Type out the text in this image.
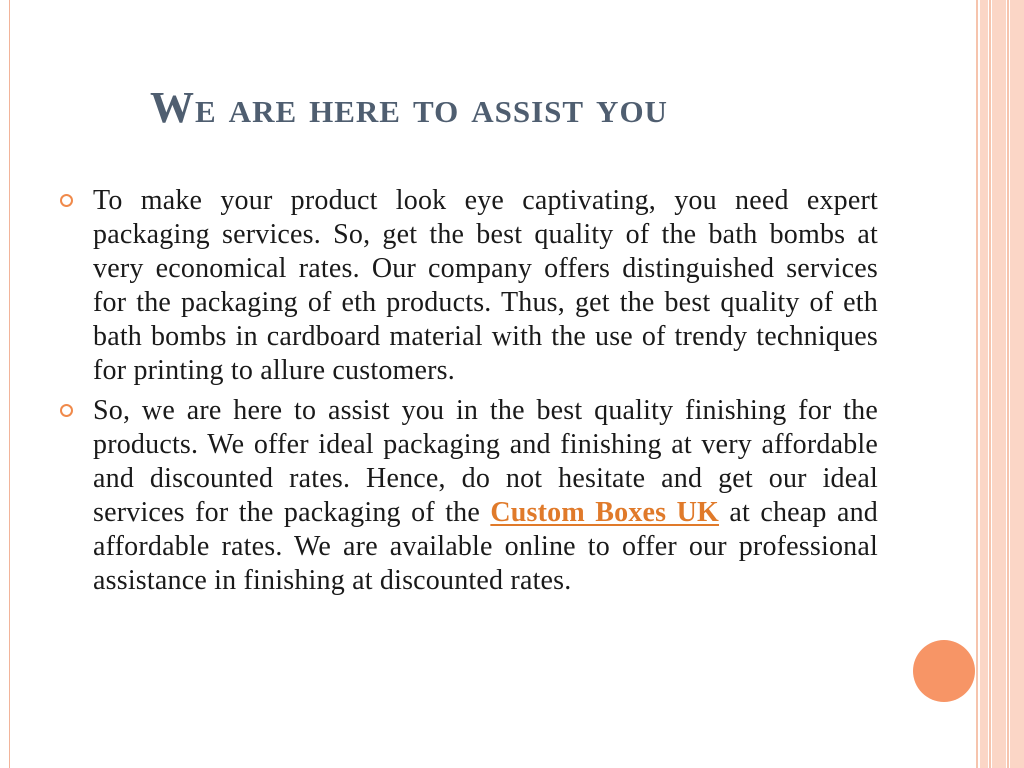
We are here to assist you
To make your product look eye captivating, you need expert packaging services. So, get the best quality of the bath bombs at very economical rates. Our company offers distinguished services for the packaging of eth products. Thus, get the best quality of eth bath bombs in cardboard material with the use of trendy techniques for printing to allure customers.
So, we are here to assist you in the best quality finishing for the products. We offer ideal packaging and finishing at very affordable and discounted rates. Hence, do not hesitate and get our ideal services for the packaging of the Custom Boxes UK at cheap and affordable rates. We are available online to offer our professional assistance in finishing at discounted rates.
